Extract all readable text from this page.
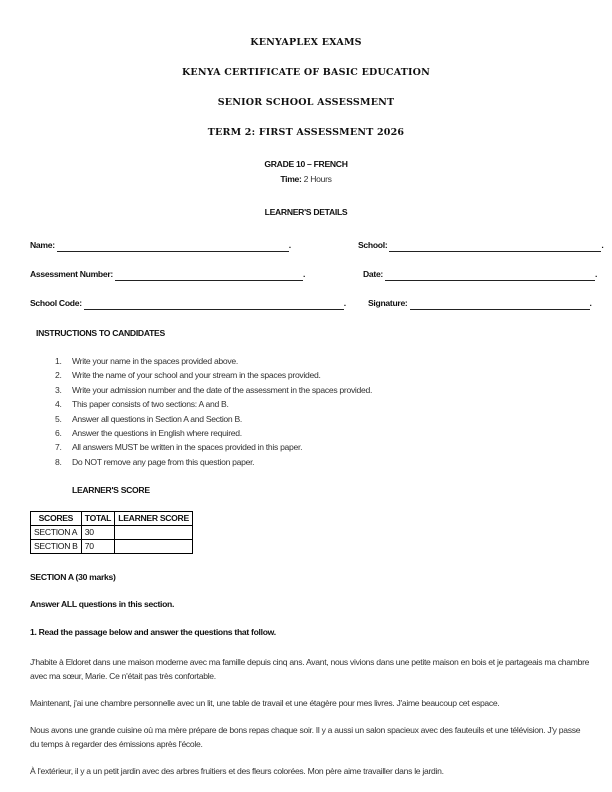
KENYAPLEX EXAMS
KENYA CERTIFICATE OF BASIC EDUCATION
SENIOR SCHOOL ASSESSMENT
TERM 2: FIRST ASSESSMENT 2026
GRADE 10 – FRENCH
Time: 2 Hours
LEARNER'S DETAILS
Name:	.	School:	.
Assessment Number:	.	Date:	.
School Code:	.	Signature:	.
INSTRUCTIONS TO CANDIDATES
1.	Write your name in the spaces provided above.
2.	Write the name of your school and your stream in the spaces provided.
3.	Write your admission number and the date of the assessment in the spaces provided.
4.	This paper consists of two sections: A and B.
5.	Answer all questions in Section A and Section B.
6.	Answer the questions in English where required.
7.	All answers MUST be written in the spaces provided in this paper.
8.	Do NOT remove any page from this question paper.
LEARNER'S SCORE
SCORES	TOTAL	LEARNER SCORE
SECTION A	30	
SECTION B	70	
SECTION A (30 marks)
Answer ALL questions in this section.
1. Read the passage below and answer the questions that follow.

J'habite à Eldoret dans une maison moderne avec ma famille depuis cinq ans. Avant, nous vivions dans une petite maison en bois et je partageais ma chambre avec ma sœur, Marie. Ce n'était pas très confortable.

Maintenant, j'ai une chambre personnelle avec un lit, une table de travail et une étagère pour mes livres. J'aime beaucoup cet espace.

Nous avons une grande cuisine où ma mère prépare de bons repas chaque soir. Il y a aussi un salon spacieux avec des fauteuils et une télévision. J'y passe du temps à regarder des émissions après l'école.

À l'extérieur, il y a un petit jardin avec des arbres fruitiers et des fleurs colorées. Mon père aime travailler dans le jardin.
